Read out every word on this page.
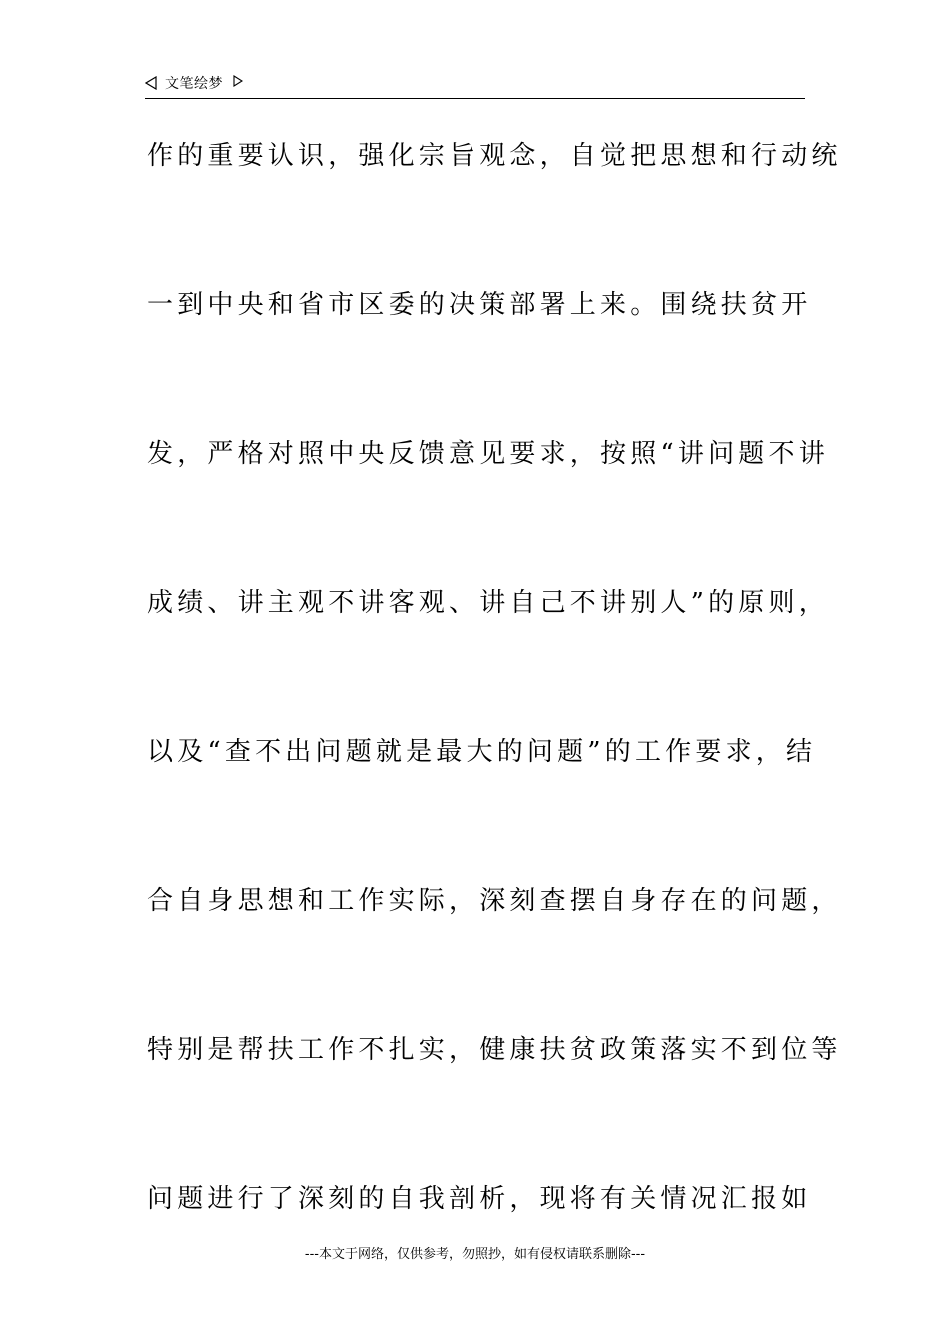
文笔绘梦
作的重要认识，强化宗旨观念，自觉把思想和行动统
一到中央和省市区委的决策部署上来。围绕扶贫开
发，严格对照中央反馈意见要求，按照“讲问题不讲
成绩、讲主观不讲客观、讲自己不讲别人”的原则，
以及“查不出问题就是最大的问题”的工作要求，结
合自身思想和工作实际，深刻查摆自身存在的问题，
特别是帮扶工作不扎实，健康扶贫政策落实不到位等
问题进行了深刻的自我剖析，现将有关情况汇报如
---本文于网络，仅供参考，勿照抄，如有侵权请联系删除---
